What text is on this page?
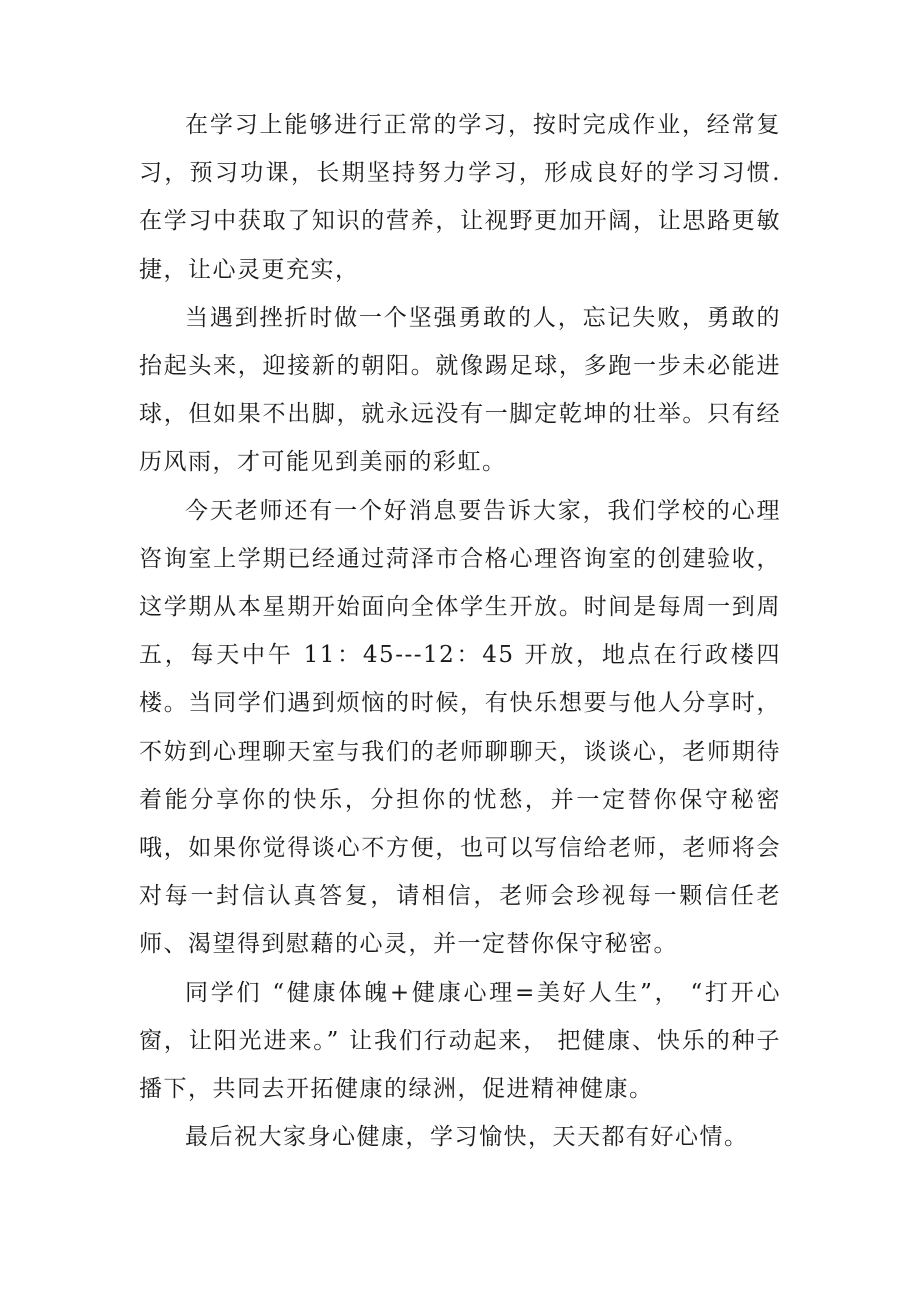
在学习上能够进行正常的学习，按时完成作业，经常复习，预习功课，长期坚持努力学习，形成良好的学习习惯.在学习中获取了知识的营养，让视野更加开阔，让思路更敏捷，让心灵更充实，

当遇到挫折时做一个坚强勇敢的人，忘记失败，勇敢的抬起头来，迎接新的朝阳。就像踢足球，多跑一步未必能进球，但如果不出脚，就永远没有一脚定乾坤的壮举。只有经历风雨，才可能见到美丽的彩虹。

今天老师还有一个好消息要告诉大家，我们学校的心理咨询室上学期已经通过菏泽市合格心理咨询室的创建验收，这学期从本星期开始面向全体学生开放。时间是每周一到周五，每天中午 11：45---12：45 开放，地点在行政楼四楼。当同学们遇到烦恼的时候，有快乐想要与他人分享时，不妨到心理聊天室与我们的老师聊聊天，谈谈心，老师期待着能分享你的快乐，分担你的忧愁，并一定替你保守秘密哦，如果你觉得谈心不方便，也可以写信给老师，老师将会对每一封信认真答复，请相信，老师会珍视每一颗信任老师、渴望得到慰藉的心灵，并一定替你保守秘密。

同学们 “健康体魄+健康心理=美好人生”， “打开心窗，让阳光进来。” 让我们行动起来， 把健康、快乐的种子播下，共同去开拓健康的绿洲，促进精神健康。

最后祝大家身心健康，学习愉快，天天都有好心情。
